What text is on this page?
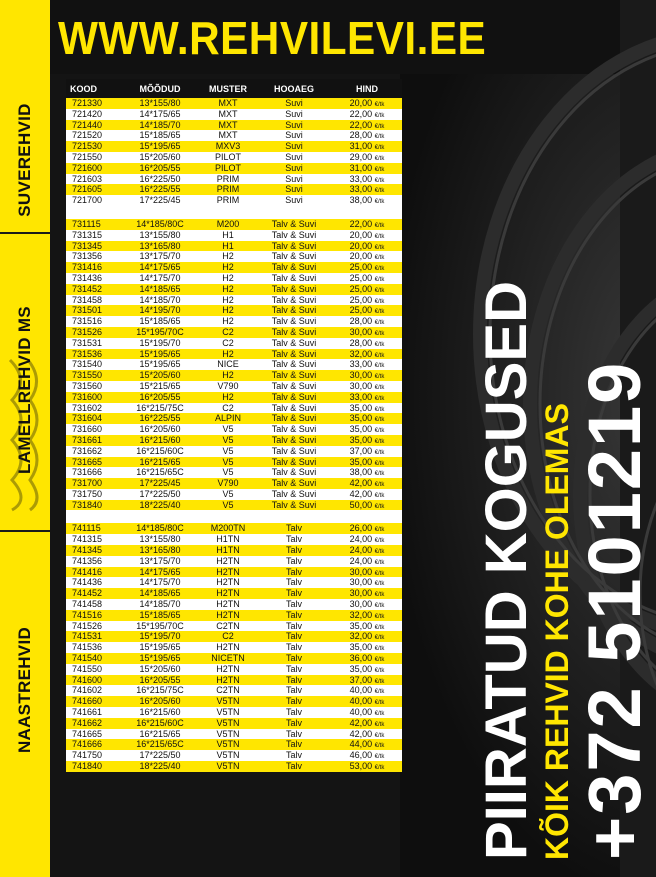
SUVEREHVID
LAMELLREHVID MS
NAASTREHVID
WWW.REHVILEVI.EE
KOOD	MÕÕDUD	MUSTER	HOOAEG	HIND
721330	13*155/80	MXT	Suvi	20,00 €/tk
721420	14*175/65	MXT	Suvi	22,00 €/tk
721440	14*185/70	MXT	Suvi	22,00 €/tk
721520	15*185/65	MXT	Suvi	28,00 €/tk
721530	15*195/65	MXV3	Suvi	31,00 €/tk
721550	15*205/60	PILOT	Suvi	29,00 €/tk
721600	16*205/55	PILOT	Suvi	31,00 €/tk
721603	16*225/50	PRIM	Suvi	33,00 €/tk
721605	16*225/55	PRIM	Suvi	33,00 €/tk
721700	17*225/45	PRIM	Suvi	38,00 €/tk
731115	14*185/80C	M200	Talv & Suvi	22,00 €/tk
731315	13*155/80	H1	Talv & Suvi	20,00 €/tk
731345	13*165/80	H1	Talv & Suvi	20,00 €/tk
731356	13*175/70	H2	Talv & Suvi	20,00 €/tk
731416	14*175/65	H2	Talv & Suvi	25,00 €/tk
731436	14*175/70	H2	Talv & Suvi	25,00 €/tk
731452	14*185/65	H2	Talv & Suvi	25,00 €/tk
731458	14*185/70	H2	Talv & Suvi	25,00 €/tk
731501	14*195/70	H2	Talv & Suvi	25,00 €/tk
731516	15*185/65	H2	Talv & Suvi	28,00 €/tk
731526	15*195/70C	C2	Talv & Suvi	30,00 €/tk
731531	15*195/70	C2	Talv & Suvi	28,00 €/tk
731536	15*195/65	H2	Talv & Suvi	32,00 €/tk
731540	15*195/65	NICE	Talv & Suvi	33,00 €/tk
731550	15*205/60	H2	Talv & Suvi	30,00 €/tk
731560	15*215/65	V790	Talv & Suvi	30,00 €/tk
731600	16*205/55	H2	Talv & Suvi	33,00 €/tk
731602	16*215/75C	C2	Talv & Suvi	35,00 €/tk
731604	16*225/55	ALPIN	Talv & Suvi	35,00 €/tk
731660	16*205/60	V5	Talv & Suvi	35,00 €/tk
731661	16*215/60	V5	Talv & Suvi	35,00 €/tk
731662	16*215/60C	V5	Talv & Suvi	37,00 €/tk
731665	16*215/65	V5	Talv & Suvi	35,00 €/tk
731666	16*215/65C	V5	Talv & Suvi	38,00 €/tk
731700	17*225/45	V790	Talv & Suvi	42,00 €/tk
731750	17*225/50	V5	Talv & Suvi	42,00 €/tk
731840	18*225/40	V5	Talv & Suvi	50,00 €/tk
741115	14*185/80C	M200TN	Talv	26,00 €/tk
741315	13*155/80	H1TN	Talv	24,00 €/tk
741345	13*165/80	H1TN	Talv	24,00 €/tk
741356	13*175/70	H2TN	Talv	24,00 €/tk
741416	14*175/65	H2TN	Talv	30,00 €/tk
741436	14*175/70	H2TN	Talv	30,00 €/tk
741452	14*185/65	H2TN	Talv	30,00 €/tk
741458	14*185/70	H2TN	Talv	30,00 €/tk
741516	15*185/65	H2TN	Talv	32,00 €/tk
741526	15*195/70C	C2TN	Talv	35,00 €/tk
741531	15*195/70	C2	Talv	32,00 €/tk
741536	15*195/65	H2TN	Talv	35,00 €/tk
741540	15*195/65	NICETN	Talv	36,00 €/tk
741550	15*205/60	H2TN	Talv	35,00 €/tk
741600	16*205/55	H2TN	Talv	37,00 €/tk
741602	16*215/75C	C2TN	Talv	40,00 €/tk
741660	16*205/60	V5TN	Talv	40,00 €/tk
741661	16*215/60	V5TN	Talv	40,00 €/tk
741662	16*215/60C	V5TN	Talv	42,00 €/tk
741665	16*215/65	V5TN	Talv	42,00 €/tk
741666	16*215/65C	V5TN	Talv	44,00 €/tk
741750	17*225/50	V5TN	Talv	46,00 €/tk
741840	18*225/40	V5TN	Talv	53,00 €/tk	PIIRATUD KOGUSED KÕIK REHVID KOHE OLEMAS
+372 5101219
